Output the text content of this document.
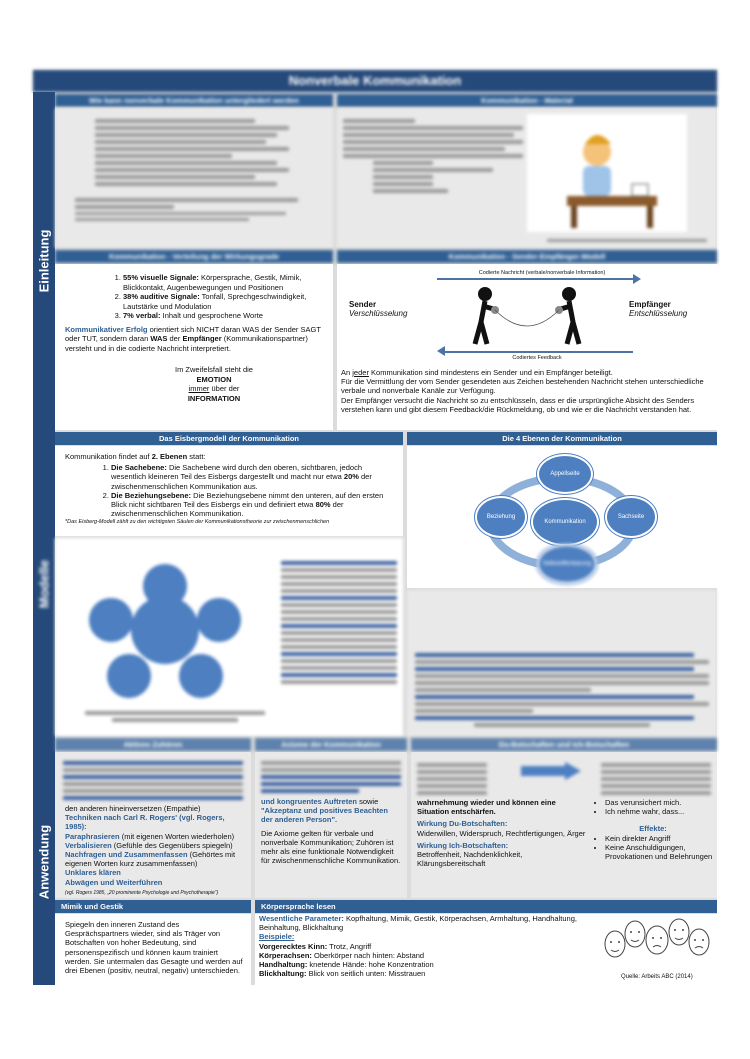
Nonverbale Kommunikation
Einleitung
Modelle
Anwendung
Wie kann nonverbale Kommunikation untergliedert werden	Kommunikation - Material
Kommunikation - Verteilung der Wirkungsgrade	Kommunikation - Sender-Empfänger-Modell
1. 55% visuelle Signale: Körpersprache, Gestik, Mimik, Blickkontakt, Augenbewegungen und Positionen
2. 38% auditive Signale: Tonfall, Sprechgeschwindigkeit, Lautstärke und Modulation
3. 7% verbal: Inhalt und gesprochene Worte
Kommunikativer Erfolg orientiert sich NICHT daran WAS der Sender SAGT oder TUT, sondern daran WAS der Empfänger (Kommunikationspartner) versteht und in die codierte Nachricht interpretiert.
Im Zweifelsfall steht die
EMOTION
immer über der
INFORMATION
Codierte Nachricht (verbale/nonverbale Information)
Sender
Verschlüsselung
Empfänger
Entschlüsselung
Codiertes Feedback
An jeder Kommunikation sind mindestens ein Sender und ein Empfänger beteiligt.
Für die Vermittlung der vom Sender gesendeten aus Zeichen bestehenden Nachricht stehen unterschiedliche verbale und nonverbale Kanäle zur Verfügung.
Der Empfänger versucht die Nachricht so zu entschlüsseln, dass er die ursprüngliche Absicht des Senders verstehen kann und gibt diesem Feedback/die Rückmeldung, ob und wie er die Nachricht verstanden hat.
Das Eisbergmodell der Kommunikation	Die 4 Ebenen der Kommunikation
Kommunikation findet auf 2. Ebenen statt:
1. Die Sachebene: Die Sachebene wird durch den oberen, sichtbaren, jedoch wesentlich kleineren Teil des Eisbergs dargestellt und macht nur etwa 20% der zwischenmenschlichen Kommunikation aus.
2. Die Beziehungsebene: Die Beziehungsebene nimmt den unteren, auf den ersten Blick nicht sichtbaren Teil des Eisbergs ein und definiert etwa 80% der zwischenmenschlichen Kommunikation.
*Das Eisberg-Modell zählt zu den wichtigsten Säulen der Kommunikationstheorie zur zwischenmenschlichen
Appellseite
Beziehung
Kommunikation
Sachseite
Selbstoffenbarung
Aktives Zuhören	Axiome der Kommunikation	Du-Botschaften und Ich-Botschaften
den anderen hineinversetzen (Empathie)
Techniken nach Carl R. Rogers' (vgl. Rogers, 1985):
Paraphrasieren (mit eigenen Worten wiederholen)
Verbalisieren (Gefühle des Gegenübers spiegeln)
Nachfragen und Zusammenfassen (Gehörtes mit eigenen Worten kurz zusammenfassen)
Unklares klären
Abwägen und Weiterführen
(vgl. Rogers 1985, „20 prominente Psychologie und Psychotherapie“)
und kongruentes Auftreten sowie
"Akzeptanz und positives Beachten der anderen Person".
Die Axiome gelten für verbale und nonverbale Kommunikation; Zuhören ist mehr als eine funktionale Notwendigkeit für zwischenmenschliche Kommunikation.
wahrnehmung wieder und können eine Situation entschärfen.
Wirkung Du-Botschaften:
Widerwillen, Widerspruch, Rechtfertigungen, Ärger
Wirkung Ich-Botschaften:
Betroffenheit, Nachdenklichkeit, Klärungsbereitschaft
• Das verunsichert mich.
• Ich nehme wahr, dass...
Effekte:
• Kein direkter Angriff
• Keine Anschuldigungen, Provokationen und Belehrungen
Mimik und Gestik	Körpersprache lesen
Spiegeln den inneren Zustand des Gesprächspartners wieder, sind als Träger von Botschaften von hoher Bedeutung, sind personenspezifisch und können kaum trainiert werden. Sie untermalen das Gesagte und werden auf drei Ebenen (positiv, neutral, negativ) unterschieden.
Wesentliche Parameter: Kopfhaltung, Mimik, Gestik, Körperachsen, Armhaltung, Handhaltung, Beinhaltung, Blickhaltung
Beispiele:
Vorgerecktes Kinn: Trotz, Angriff
Körperachsen: Oberkörper nach hinten: Abstand
Handhaltung: knetende Hände: hohe Konzentration
Blickhaltung: Blick von seitlich unten: Misstrauen	Quelle: Arbeits ABC (2014)
